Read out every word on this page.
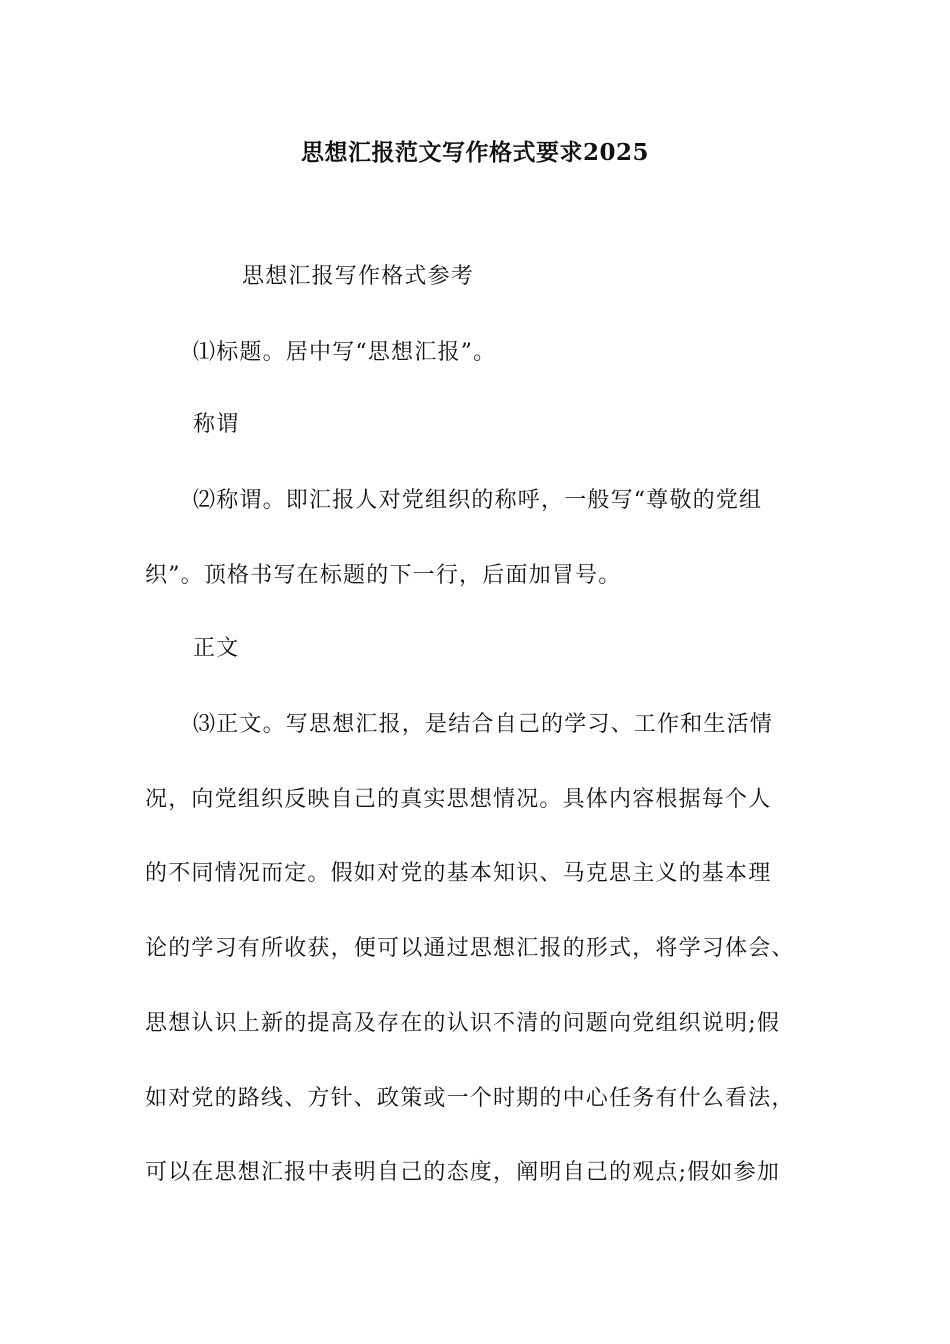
思想汇报范文写作格式要求2025
思想汇报写作格式参考
⑴标题。居中写“思想汇报”。
称谓
⑵称谓。即汇报人对党组织的称呼，一般写“尊敬的党组
织”。顶格书写在标题的下一行，后面加冒号。
正文
⑶正文。写思想汇报，是结合自己的学习、工作和生活情
况，向党组织反映自己的真实思想情况。具体内容根据每个人
的不同情况而定。假如对党的基本知识、马克思主义的基本理
论的学习有所收获，便可以通过思想汇报的形式，将学习体会、
思想认识上新的提高及存在的认识不清的问题向党组织说明;假
如对党的路线、方针、政策或一个时期的中心任务有什么看法，
可以在思想汇报中表明自己的态度，阐明自己的观点;假如参加
